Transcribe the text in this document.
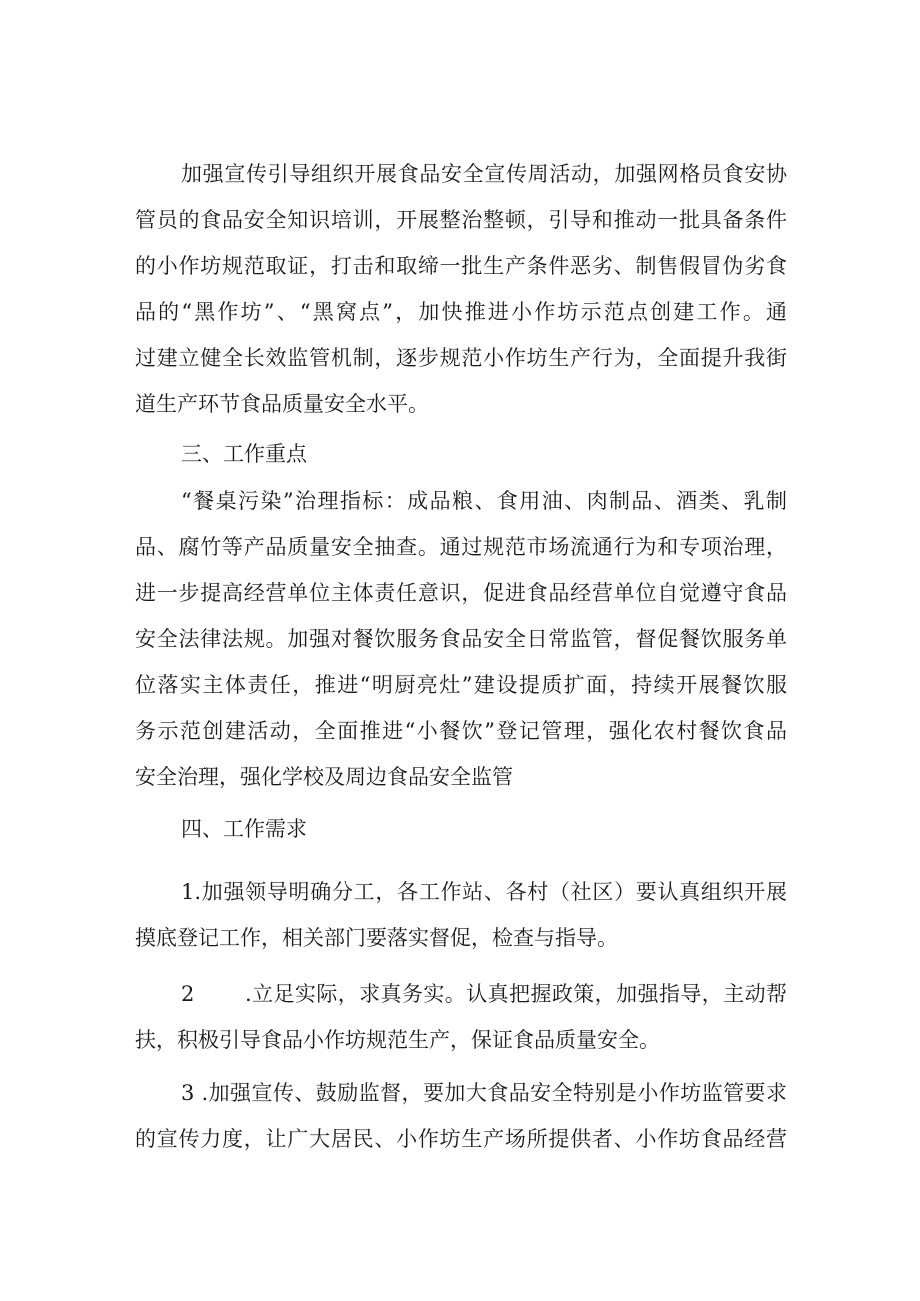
加强宣传引导组织开展食品安全宣传周活动，加强网格员食安协
管员的食品安全知识培训，开展整治整顿，引导和推动一批具备条件
的小作坊规范取证，打击和取缔一批生产条件恶劣、制售假冒伪劣食
品的“黑作坊”、“黑窝点”，加快推进小作坊示范点创建工作。通
过建立健全长效监管机制，逐步规范小作坊生产行为，全面提升我街
道生产环节食品质量安全水平。
三、工作重点
“餐桌污染”治理指标：成品粮、食用油、肉制品、酒类、乳制
品、腐竹等产品质量安全抽查。通过规范市场流通行为和专项治理，
进一步提高经营单位主体责任意识，促进食品经营单位自觉遵守食品
安全法律法规。加强对餐饮服务食品安全日常监管，督促餐饮服务单
位落实主体责任，推进“明厨亮灶”建设提质扩面，持续开展餐饮服
务示范创建活动，全面推进“小餐饮”登记管理，强化农村餐饮食品
安全治理，强化学校及周边食品安全监管
四、工作需求
1.加强领导明确分工，各工作站、各村（社区）要认真组织开展
摸底登记工作，相关部门要落实督促，检查与指导。
2 .立足实际，求真务实。认真把握政策，加强指导，主动帮
扶，积极引导食品小作坊规范生产，保证食品质量安全。
3 .加强宣传、鼓励监督，要加大食品安全特别是小作坊监管要求
的宣传力度，让广大居民、小作坊生产场所提供者、小作坊食品经营
